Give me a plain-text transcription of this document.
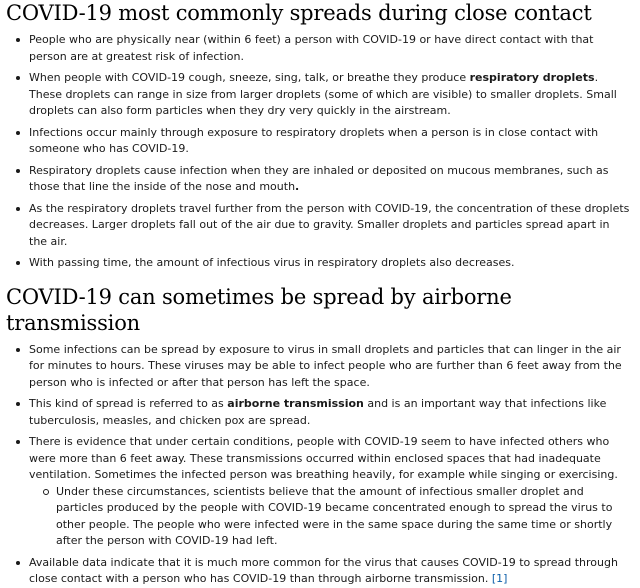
COVID-19 most commonly spreads during close contact
People who are physically near (within 6 feet) a person with COVID-19 or have direct contact with that person are at greatest risk of infection.
When people with COVID-19 cough, sneeze, sing, talk, or breathe they produce respiratory droplets. These droplets can range in size from larger droplets (some of which are visible) to smaller droplets. Small droplets can also form particles when they dry very quickly in the airstream.
Infections occur mainly through exposure to respiratory droplets when a person is in close contact with someone who has COVID-19.
Respiratory droplets cause infection when they are inhaled or deposited on mucous membranes, such as those that line the inside of the nose and mouth.
As the respiratory droplets travel further from the person with COVID-19, the concentration of these droplets decreases. Larger droplets fall out of the air due to gravity. Smaller droplets and particles spread apart in the air.
With passing time, the amount of infectious virus in respiratory droplets also decreases.
COVID-19 can sometimes be spread by airborne transmission
Some infections can be spread by exposure to virus in small droplets and particles that can linger in the air for minutes to hours. These viruses may be able to infect people who are further than 6 feet away from the person who is infected or after that person has left the space.
This kind of spread is referred to as airborne transmission and is an important way that infections like tuberculosis, measles, and chicken pox are spread.
There is evidence that under certain conditions, people with COVID-19 seem to have infected others who were more than 6 feet away. These transmissions occurred within enclosed spaces that had inadequate ventilation. Sometimes the infected person was breathing heavily, for example while singing or exercising.
Under these circumstances, scientists believe that the amount of infectious smaller droplet and particles produced by the people with COVID-19 became concentrated enough to spread the virus to other people. The people who were infected were in the same space during the same time or shortly after the person with COVID-19 had left.
Available data indicate that it is much more common for the virus that causes COVID-19 to spread through close contact with a person who has COVID-19 than through airborne transmission. [1]
